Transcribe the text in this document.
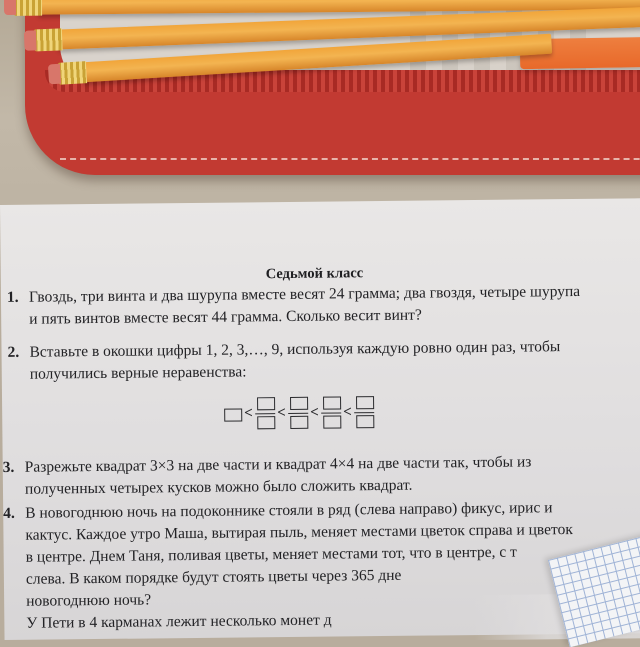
Седьмой класс
1. Гвоздь, три винта и два шурупа вместе весят 24 грамма; два гвоздя, четыре шурупа
и пять винтов вместе весят 44 грамма. Сколько весит винт?
2. Вставьте в окошки цифры 1, 2, 3,…, 9, используя каждую ровно один раз, чтобы
получились верные неравенства:
< < < <
3. Разрежьте квадрат 3×3 на две части и квадрат 4×4 на две части так, чтобы из
полученных четырех кусков можно было сложить квадрат.
4. В новогоднюю ночь на подоконнике стояли в ряд (слева направо) фикус, ирис и
кактус. Каждое утро Маша, вытирая пыль, меняет местами цветок справа и цветок
в центре. Днем Таня, поливая цветы, меняет местами тот, что в центре, с т
слева. В каком порядке будут стоять цветы через 365 дне
новогоднюю ночь?
У Пети в 4 карманах лежит несколько монет д
